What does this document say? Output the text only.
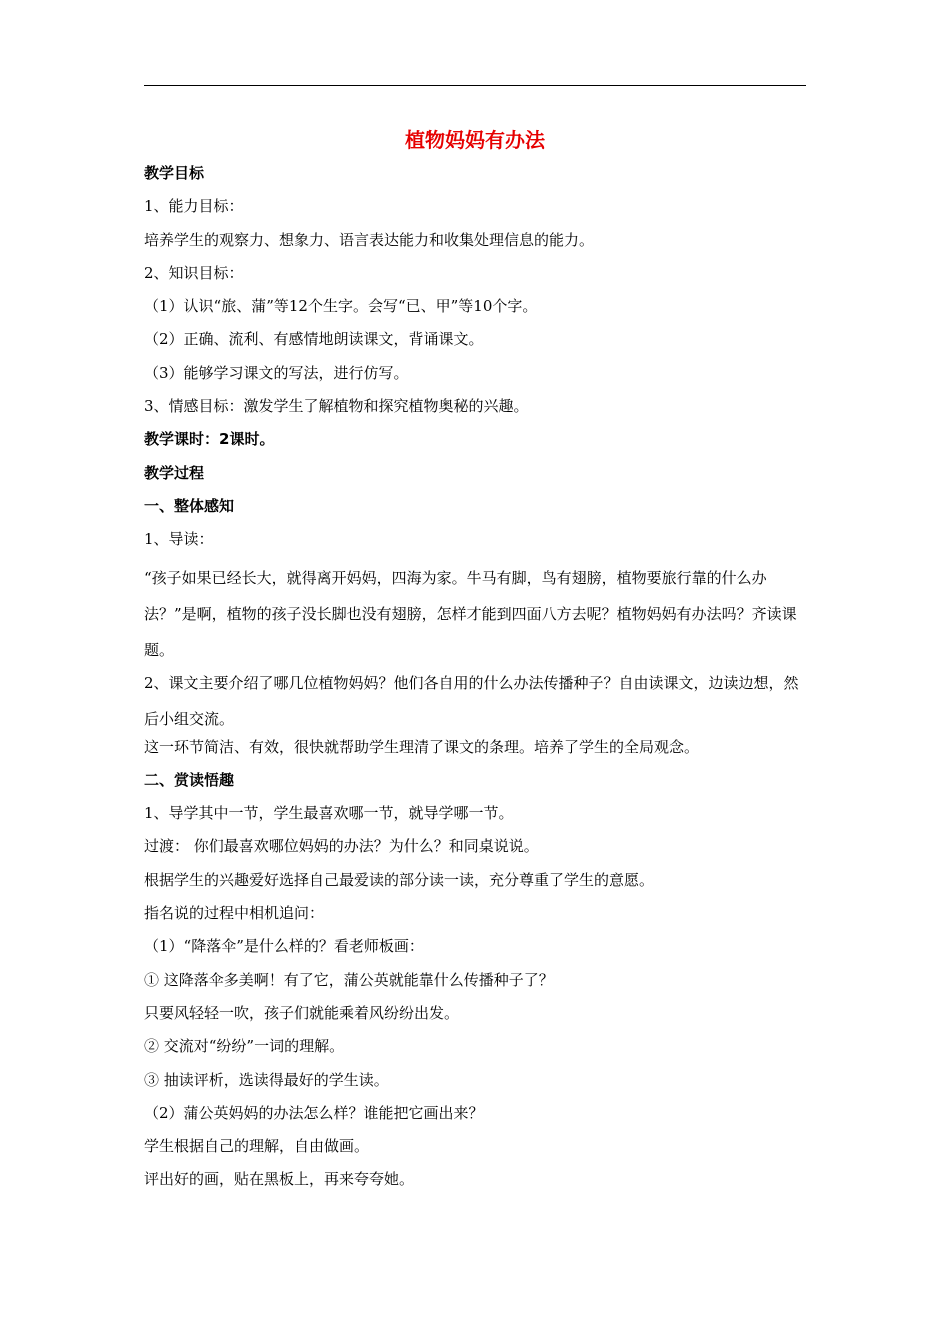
植物妈妈有办法
教学目标
1、能力目标：
培养学生的观察力、想象力、语言表达能力和收集处理信息的能力。
2、知识目标：
（1）认识“旅、蒲”等12个生字。会写“已、甲”等10个字。
（2）正确、流利、有感情地朗读课文，背诵课文。
（3）能够学习课文的写法，进行仿写。
3、情感目标：激发学生了解植物和探究植物奥秘的兴趣。
教学课时：2课时。
教学过程
一、整体感知
1、导读：
“孩子如果已经长大，就得离开妈妈，四海为家。牛马有脚，鸟有翅膀，植物要旅行靠的什么办法？”是啊，植物的孩子没长脚也没有翅膀，怎样才能到四面八方去呢？植物妈妈有办法吗？齐读课题。
2、课文主要介绍了哪几位植物妈妈？他们各自用的什么办法传播种子？自由读课文，边读边想，然后小组交流。
这一环节简洁、有效，很快就帮助学生理清了课文的条理。培养了学生的全局观念。
二、赏读悟趣
1、导学其中一节，学生最喜欢哪一节，就导学哪一节。
过渡： 你们最喜欢哪位妈妈的办法？为什么？和同桌说说。
根据学生的兴趣爱好选择自己最爱读的部分读一读，充分尊重了学生的意愿。
指名说的过程中相机追问：
（1）“降落伞”是什么样的？看老师板画：
① 这降落伞多美啊！有了它，蒲公英就能靠什么传播种子了？
只要风轻轻一吹，孩子们就能乘着风纷纷出发。
② 交流对“纷纷”一词的理解。
③ 抽读评析，选读得最好的学生读。
（2）蒲公英妈妈的办法怎么样？谁能把它画出来？
学生根据自己的理解，自由做画。
评出好的画，贴在黑板上，再来夸夸她。
